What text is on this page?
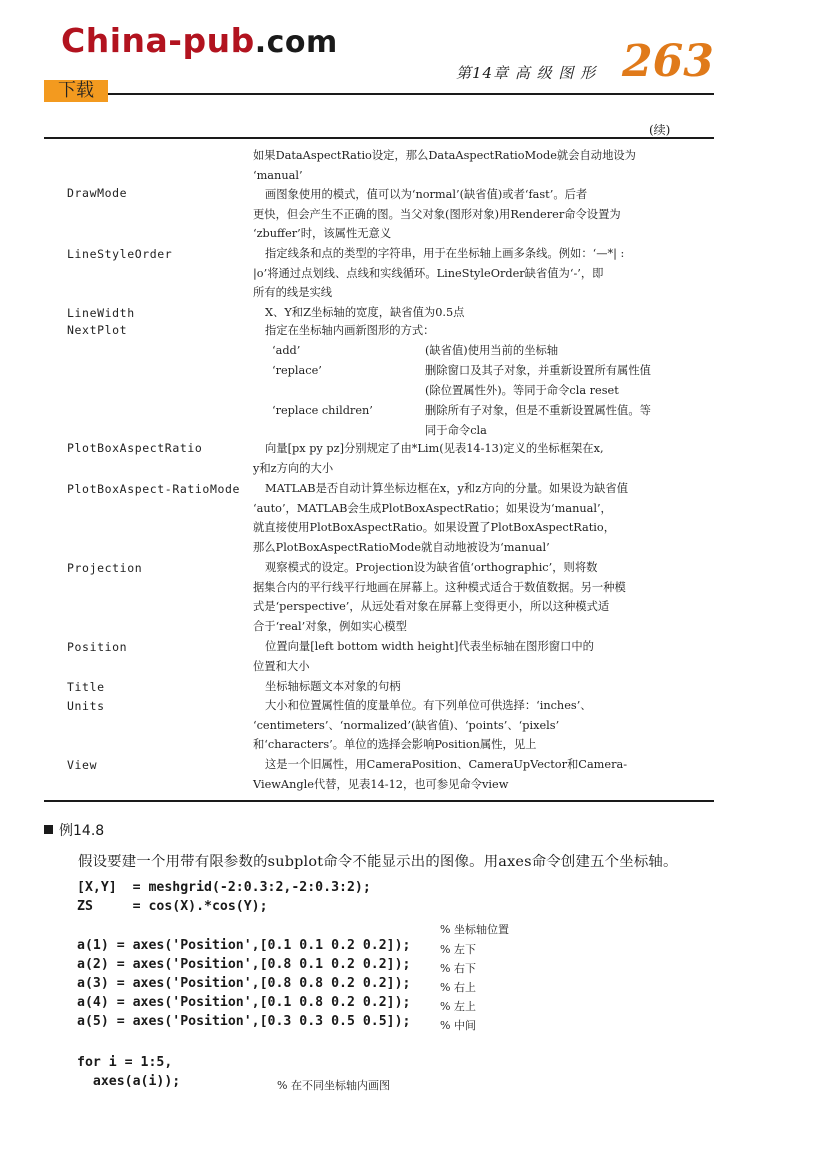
China-pub.com
下载
第14章 高 级 图 形 263
(续)

如果DataAspectRatio设定，那么DataAspectRatioMode就会自动地设为

‘manual’

DrawMode	画图象使用的模式，值可以为‘normal’(缺省值)或者‘fast’。后者

更快，但会产生不正确的图。当父对象(图形对象)用Renderer命令设置为

‘zbuffer’时，该属性无意义

LineStyleOrder	指定线条和点的类型的字符串，用于在坐标轴上画多条线。例如：‘—*| :

|o’将通过点划线、点线和实线循环。LineStyleOrder缺省值为‘-’，即

所有的线是实线

LineWidth	X、Y和Z坐标轴的宽度，缺省值为0.5点

NextPlot	指定在坐标轴内画新图形的方式：

‘add’	(缺省值)使用当前的坐标轴
‘replace’	删除窗口及其子对象，并重新设置所有属性值
(除位置属性外)。等同于命令cla reset
‘replace children’	删除所有子对象，但是不重新设置属性值。等
同于命令cla
PlotBoxAspectRatio	向量[px py pz]分别规定了由*Lim(见表14-13)定义的坐标框架在x,

y和z方向的大小

PlotBoxAspect-RatioMode	MATLAB是否自动计算坐标边框在x，y和z方向的分量。如果设为缺省值

‘auto’，MATLAB会生成PlotBoxAspectRatio；如果设为‘manual’，

就直接使用PlotBoxAspectRatio。如果设置了PlotBoxAspectRatio，

那么PlotBoxAspectRatioMode就自动地被设为‘manual’

Projection	观察模式的设定。Projection设为缺省值‘orthographic’，则将数

据集合内的平行线平行地画在屏幕上。这种模式适合于数值数据。另一种模

式是‘perspective’，从远处看对象在屏幕上变得更小，所以这种模式适

合于‘real’对象，例如实心模型

Position	位置向量[left bottom width height]代表坐标轴在图形窗口中的

位置和大小

Title	坐标轴标题文本对象的句柄

Units	大小和位置属性值的度量单位。有下列单位可供选择：‘inches’、

‘centimeters’、‘normalized’(缺省值)、‘points’、‘pixels’

和‘characters’。单位的选择会影响Position属性，见上

View	这是一个旧属性，用CameraPosition、CameraUpVector和Camera-

ViewAngle代替，见表14-12，也可参见命令view

例14.8
假设要建一个用带有限参数的subplot命令不能显示出的图像。用axes命令创建五个坐标轴。
[X,Y]  = meshgrid(-2:0.3:2,-2:0.3:2);
ZS     = cos(X).*cos(Y);
% 坐标轴位置
a(1) = axes('Position',[0.1 0.1 0.2 0.2]);	% 左下
a(2) = axes('Position',[0.8 0.1 0.2 0.2]);	% 右下
a(3) = axes('Position',[0.8 0.8 0.2 0.2]);	% 右上
a(4) = axes('Position',[0.1 0.8 0.2 0.2]);	% 左上
a(5) = axes('Position',[0.3 0.3 0.5 0.5]);	% 中间
for i = 1:5,
axes(a(i));	% 在不同坐标轴内画图
